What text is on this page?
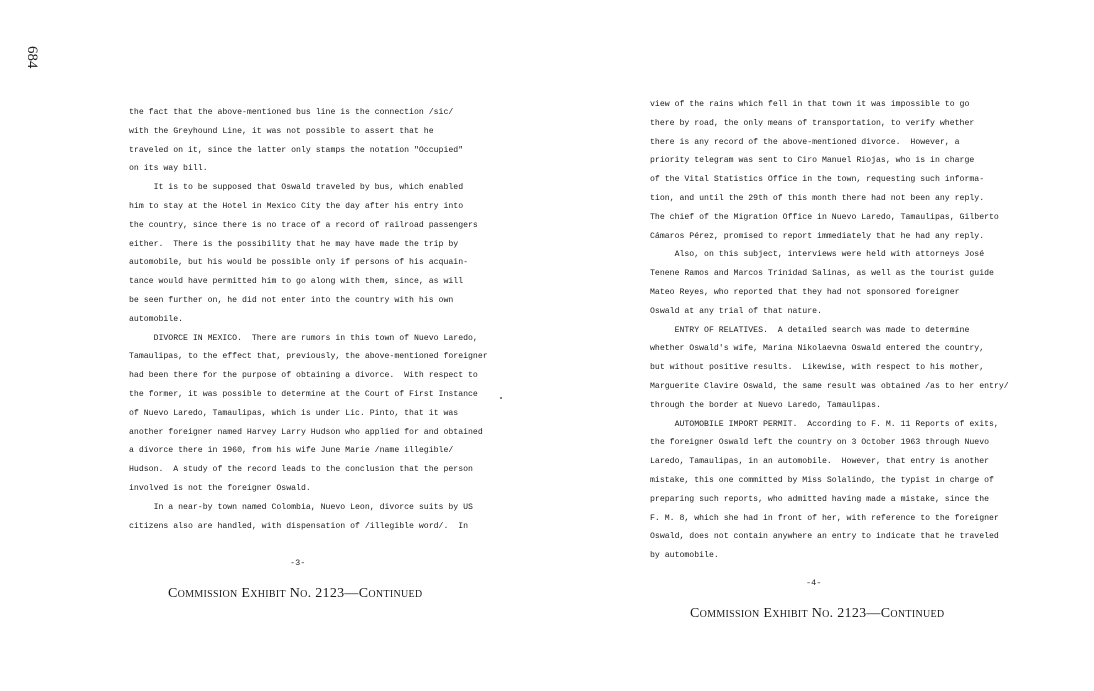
684
the fact that the above-mentioned bus line is the connection /sic/
with the Greyhound Line, it was not possible to assert that he
traveled on it, since the latter only stamps the notation "Occupied"
on its way bill.
It is to be supposed that Oswald traveled by bus, which enabled
him to stay at the Hotel in Mexico City the day after his entry into
the country, since there is no trace of a record of railroad passengers
either.  There is the possibility that he may have made the trip by
automobile, but his would be possible only if persons of his acquain-
tance would have permitted him to go along with them, since, as will
be seen further on, he did not enter into the country with his own
automobile.
DIVORCE IN MEXICO.  There are rumors in this town of Nuevo Laredo,
Tamaulipas, to the effect that, previously, the above-mentioned foreigner
had been there for the purpose of obtaining a divorce.  With respect to
the former, it was possible to determine at the Court of First Instance
of Nuevo Laredo, Tamaulipas, which is under Lic. Pinto, that it was
another foreigner named Harvey Larry Hudson who applied for and obtained
a divorce there in 1960, from his wife June Marie /name illegible/
Hudson.  A study of the record leads to the conclusion that the person
involved is not the foreigner Oswald.
In a near-by town named Colombia, Nuevo Leon, divorce suits by US
citizens also are handled, with dispensation of /illegible word/.  In
-3-
Commission Exhibit No. 2123—Continued
view of the rains which fell in that town it was impossible to go
there by road, the only means of transportation, to verify whether
there is any record of the above-mentioned divorce.  However, a
priority telegram was sent to Ciro Manuel Riojas, who is in charge
of the Vital Statistics Office in the town, requesting such informa-
tion, and until the 29th of this month there had not been any reply.
The chief of the Migration Office in Nuevo Laredo, Tamaulipas, Gilberto
Cámaros Pérez, promised to report immediately that he had any reply.
Also, on this subject, interviews were held with attorneys José
Tenene Ramos and Marcos Trinidad Salinas, as well as the tourist guide
Mateo Reyes, who reported that they had not sponsored foreigner
Oswald at any trial of that nature.
ENTRY OF RELATIVES.  A detailed search was made to determine
whether Oswald's wife, Marina Nikolaevna Oswald entered the country,
but without positive results.  Likewise, with respect to his mother,
Marguerite Clavire Oswald, the same result was obtained /as to her entry/
through the border at Nuevo Laredo, Tamaulipas.
AUTOMOBILE IMPORT PERMIT.  According to F. M. 11 Reports of exits,
the foreigner Oswald left the country on 3 October 1963 through Nuevo
Laredo, Tamaulipas, in an automobile.  However, that entry is another
mistake, this one committed by Miss Solalindo, the typist in charge of
preparing such reports, who admitted having made a mistake, since the
F. M. 8, which she had in front of her, with reference to the foreigner
Oswald, does not contain anywhere an entry to indicate that he traveled
by automobile.
-4-
Commission Exhibit No. 2123—Continued
